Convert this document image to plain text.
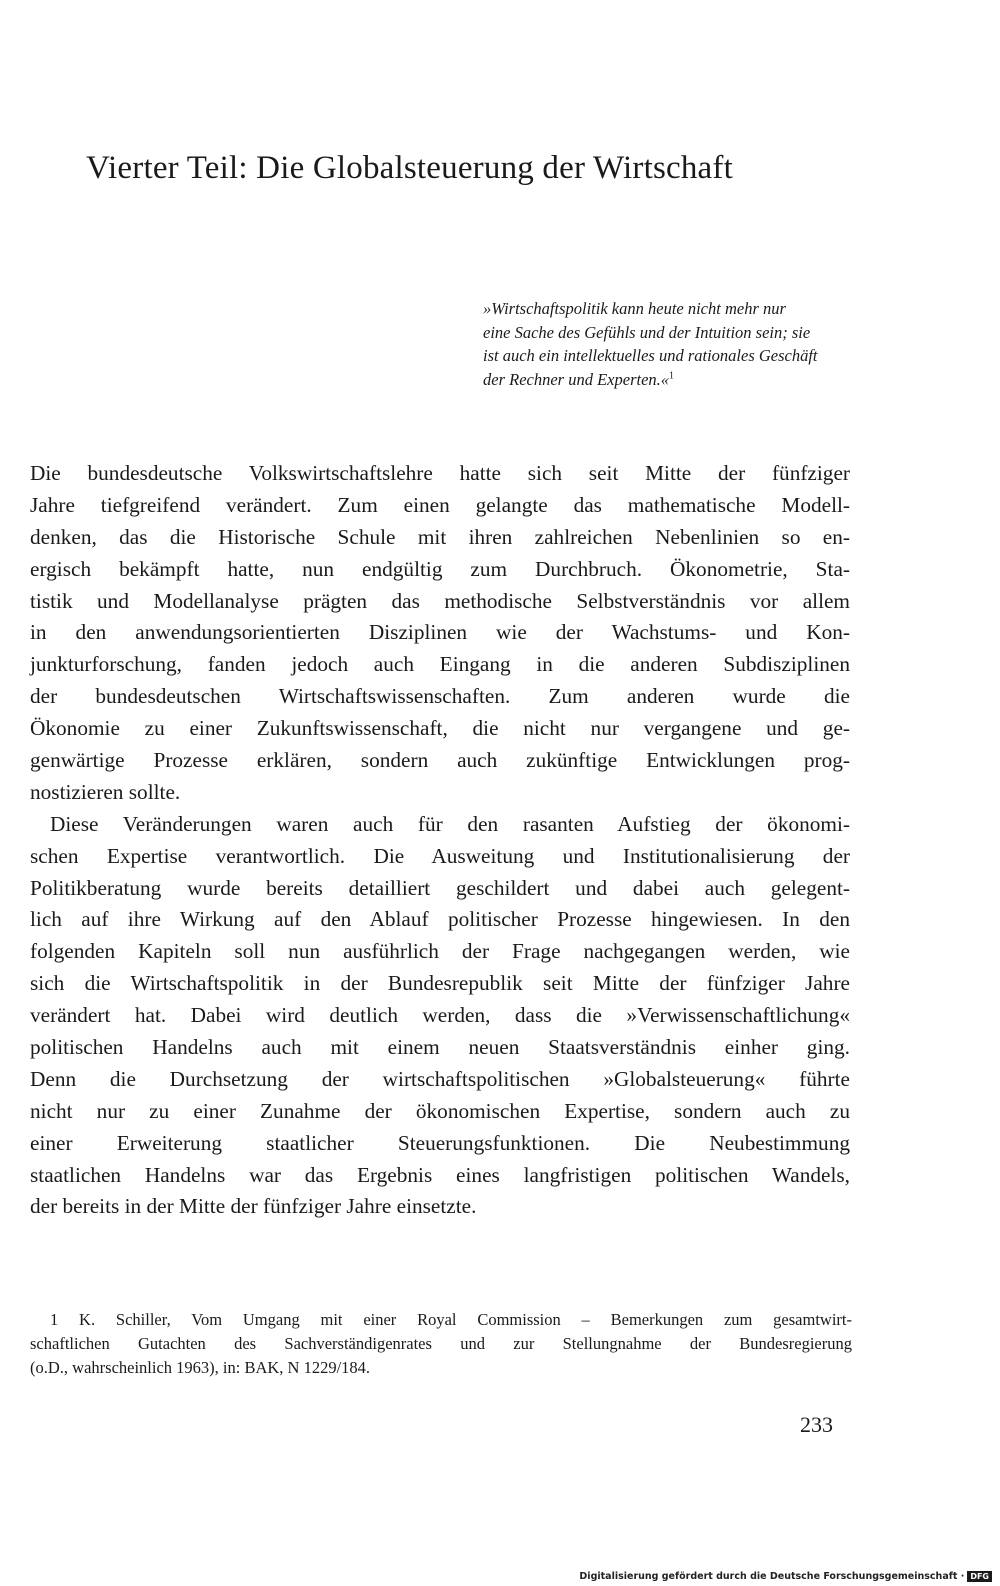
Vierter Teil: Die Globalsteuerung der Wirtschaft
»Wirtschaftspolitik kann heute nicht mehr nur
eine Sache des Gefühls und der Intuition sein; sie
ist auch ein intellektuelles und rationales Geschäft
der Rechner und Experten.«$^1$
Die bundesdeutsche Volkswirtschaftslehre hatte sich seit Mitte der fünfziger
Jahre tiefgreifend verändert. Zum einen gelangte das mathematische Modell-
denken, das die Historische Schule mit ihren zahlreichen Nebenlinien so en-
ergisch bekämpft hatte, nun endgültig zum Durchbruch. Ökonometrie, Sta-
tistik und Modellanalyse prägten das methodische Selbstverständnis vor allem
in den anwendungsorientierten Disziplinen wie der Wachstums- und Kon-
junkturforschung, fanden jedoch auch Eingang in die anderen Subdisziplinen
der bundesdeutschen Wirtschaftswissenschaften. Zum anderen wurde die
Ökonomie zu einer Zukunftswissenschaft, die nicht nur vergangene und ge-
genwärtige Prozesse erklären, sondern auch zukünftige Entwicklungen prog-
nostizieren sollte.
Diese Veränderungen waren auch für den rasanten Aufstieg der ökonomi-
schen Expertise verantwortlich. Die Ausweitung und Institutionalisierung der
Politikberatung wurde bereits detailliert geschildert und dabei auch gelegent-
lich auf ihre Wirkung auf den Ablauf politischer Prozesse hingewiesen. In den
folgenden Kapiteln soll nun ausführlich der Frage nachgegangen werden, wie
sich die Wirtschaftspolitik in der Bundesrepublik seit Mitte der fünfziger Jahre
verändert hat. Dabei wird deutlich werden, dass die »Verwissenschaftlichung«
politischen Handelns auch mit einem neuen Staatsverständnis einher ging.
Denn die Durchsetzung der wirtschaftspolitischen »Globalsteuerung« führte
nicht nur zu einer Zunahme der ökonomischen Expertise, sondern auch zu
einer Erweiterung staatlicher Steuerungsfunktionen. Die Neubestimmung
staatlichen Handelns war das Ergebnis eines langfristigen politischen Wandels,
der bereits in der Mitte der fünfziger Jahre einsetzte.
1 K. Schiller, Vom Umgang mit einer Royal Commission – Bemerkungen zum gesamtwirt-
schaftlichen Gutachten des Sachverständigenrates und zur Stellungnahme der Bundesregierung
(o.D., wahrscheinlich 1963), in: BAK, N 1229/184.
233
Digitalisierung gefördert durch die Deutsche Forschungsgemeinschaft · DFG
